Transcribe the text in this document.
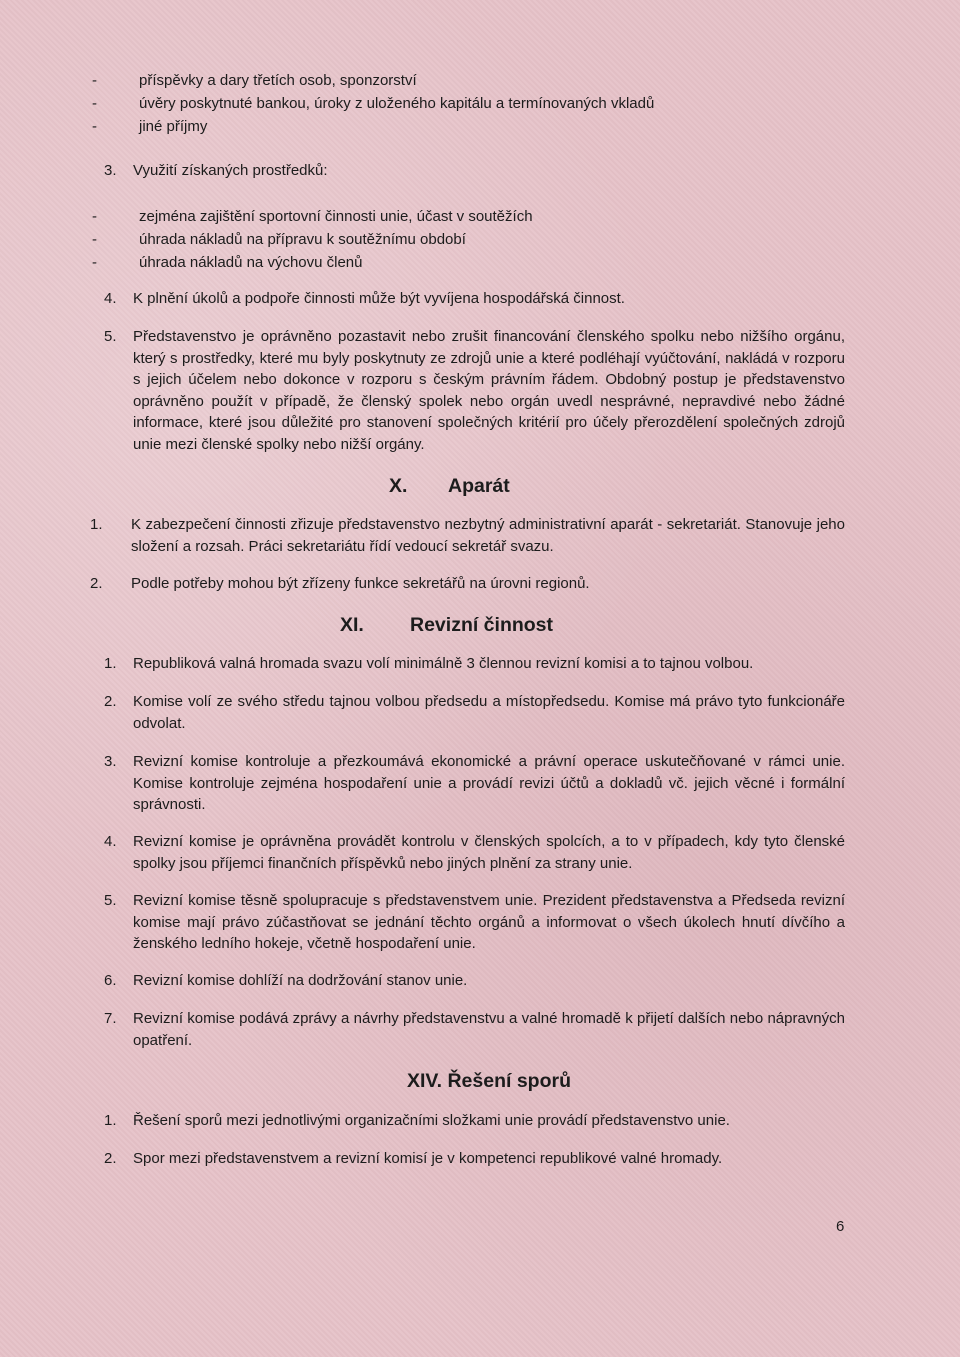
-	příspěvky a dary třetích osob, sponzorství
-	úvěry poskytnuté bankou, úroky z uloženého kapitálu a termínovaných vkladů
-	jiné příjmy
3.	Využití získaných prostředků:
-	zejména zajištění sportovní činnosti unie, účast v soutěžích
-	úhrada nákladů na přípravu k soutěžnímu období
-	úhrada nákladů na výchovu členů
4.	K plnění úkolů a podpoře činnosti může být vyvíjena hospodářská činnost.
5.	Představenstvo je oprávněno pozastavit nebo zrušit financování členského spolku nebo nižšího orgánu, který s prostředky, které mu byly poskytnuty ze zdrojů unie a které podléhají vyúčtování, nakládá v rozporu s jejich účelem nebo dokonce v rozporu s českým právním řádem. Obdobný postup je představenstvo oprávněno použít v případě, že členský spolek nebo orgán uvedl nesprávné, nepravdivé nebo žádné informace, které jsou důležité pro stanovení společných kritérií pro účely přerozdělení společných zdrojů unie mezi členské spolky nebo nižší orgány.
X. Aparát
1.	K zabezpečení činnosti zřizuje představenstvo nezbytný administrativní aparát - sekretariát. Stanovuje jeho složení a rozsah. Práci sekretariátu řídí vedoucí sekretář svazu.
2.	Podle potřeby mohou být zřízeny funkce sekretářů na úrovni regionů.
XI. Revizní činnost
1.	Republiková valná hromada svazu volí minimálně 3 člennou revizní komisi a to tajnou volbou.
2.	Komise volí ze svého středu tajnou volbou předsedu a místopředsedu. Komise má právo tyto funkcionáře odvolat.
3.	Revizní komise kontroluje a přezkoumává ekonomické a právní operace uskutečňované v rámci unie. Komise kontroluje zejména hospodaření unie a provádí revizi účtů a dokladů vč. jejich věcné i formální správnosti.
4.	Revizní komise je oprávněna provádět kontrolu v členských spolcích, a to v případech, kdy tyto členské spolky jsou příjemci finančních příspěvků nebo jiných plnění za strany unie.
5.	Revizní komise těsně spolupracuje s představenstvem unie. Prezident představenstva a Předseda revizní komise mají právo zúčastňovat se jednání těchto orgánů a informovat o všech úkolech hnutí dívčího a ženského ledního hokeje, včetně hospodaření unie.
6.	Revizní komise dohlíží na dodržování stanov unie.
7.	Revizní komise podává zprávy a návrhy představenstvu a valné hromadě k přijetí dalších nebo nápravných opatření.
XIV. Řešení sporů
1.	Řešení sporů mezi jednotlivými organizačními složkami unie provádí představenstvo unie.
2.	Spor mezi představenstvem a revizní komisí je v kompetenci republikové valné hromady.
6
